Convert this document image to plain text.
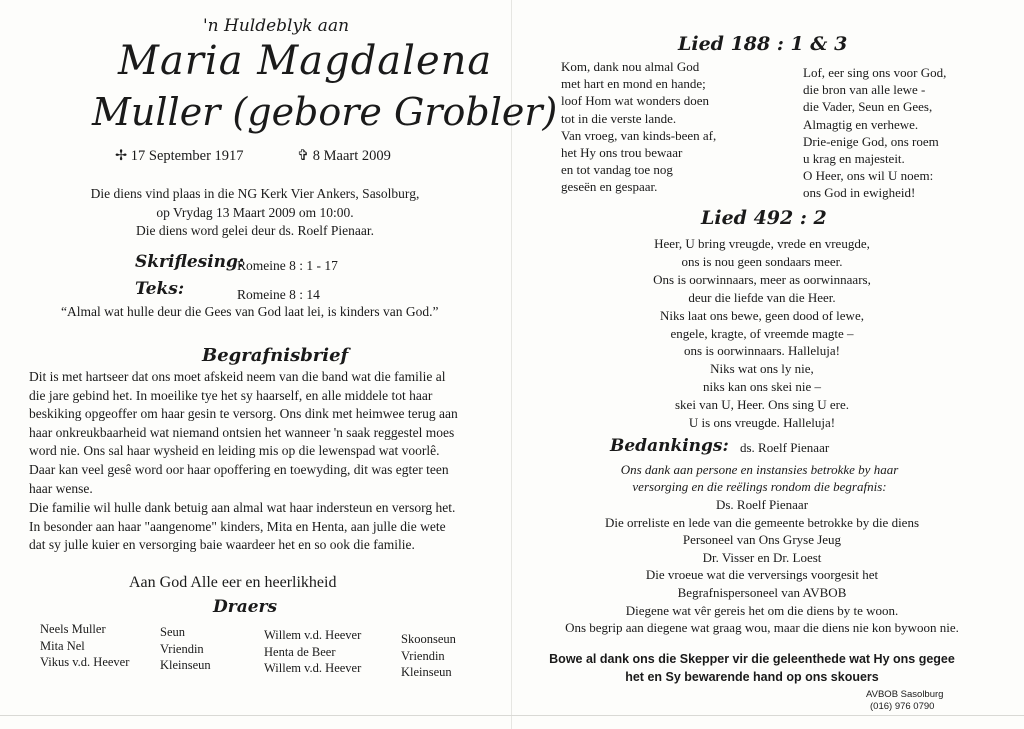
'n Huldeblyk aan
Maria Magdalena
Muller (gebore Grobler)
✢ 17 September 1917	✞ 8 Maart 2009
Die diens vind plaas in die NG Kerk Vier Ankers, Sasolburg,
op Vrydag 13 Maart 2009 om 10:00.
Die diens word gelei deur ds. Roelf Pienaar.
Skriflesing:
Romeine 8 : 1 - 17
Teks:	Romeine 8 : 14
“Almal wat hulle deur die Gees van God laat lei, is kinders van God.”
Begrafnisbrief
Dit is met hartseer dat ons moet afskeid neem van die band wat die familie al
die jare gebind het. In moeilike tye het sy haarself, en alle middele tot haar
beskiking opgeoffer om haar gesin te versorg. Ons dink met heimwee terug aan
haar onkreukbaarheid wat niemand ontsien het wanneer 'n saak reggestel moes
word nie. Ons sal haar wysheid en leiding mis op die lewenspad wat voorlê.
Daar kan veel gesê word oor haar opoffering en toewyding, dit was egter teen
haar wense.
Die familie wil hulle dank betuig aan almal wat haar indersteun en versorg het.
In besonder aan haar "aangenome" kinders, Mita en Henta, aan julle die wete
dat sy julle kuier en versorging baie waardeer het en so ook die familie.
Aan God Alle eer en heerlikheid
Draers
Neels Muller
Mita Nel
Vikus v.d. Heever
Seun
Vriendin
Kleinseun
Willem v.d. Heever
Henta de Beer
Willem v.d. Heever
Skoonseun
Vriendin
Kleinseun
Lied 188 : 1 & 3
Kom, dank nou almal God
met hart en mond en hande;
loof Hom wat wonders doen
tot in die verste lande.
Van vroeg, van kinds-been af,
het Hy ons trou bewaar
en tot vandag toe nog
geseën en gespaar.
Lof, eer sing ons voor God,
die bron van alle lewe -
die Vader, Seun en Gees,
Almagtig en verhewe.
Drie-enige God, ons roem
u krag en majesteit.
O Heer, ons wil U noem:
ons God in ewigheid!
Lied 492 : 2
Heer, U bring vreugde, vrede en vreugde,
ons is nou geen sondaars meer.
Ons is oorwinnaars, meer as oorwinnaars,
deur die liefde van die Heer.
Niks laat ons bewe, geen dood of lewe,
engele, kragte, of vreemde magte –
ons is oorwinnaars. Halleluja!
Niks wat ons ly nie,
niks kan ons skei nie –
skei van U, Heer. Ons sing U ere.
U is ons vreugde. Halleluja!
Bedankings: ds. Roelf Pienaar
Ons dank aan persone en instansies betrokke by haar
versorging en die reëlings rondom die begrafnis:
Ds. Roelf Pienaar
Die orreliste en lede van die gemeente betrokke by die diens
Personeel van Ons Gryse Jeug
Dr. Visser en Dr. Loest
Die vroeue wat die verversings voorgesit het
Begrafnispersoneel van AVBOB
Diegene wat vêr gereis het om die diens by te woon.
Ons begrip aan diegene wat graag wou, maar die diens nie kon bywoon nie.
Bowe al dank ons die Skepper vir die geleenthede wat Hy ons gegee
het en Sy bewarende hand op ons skouers
AVBOB Sasolburg
(016) 976 0790
